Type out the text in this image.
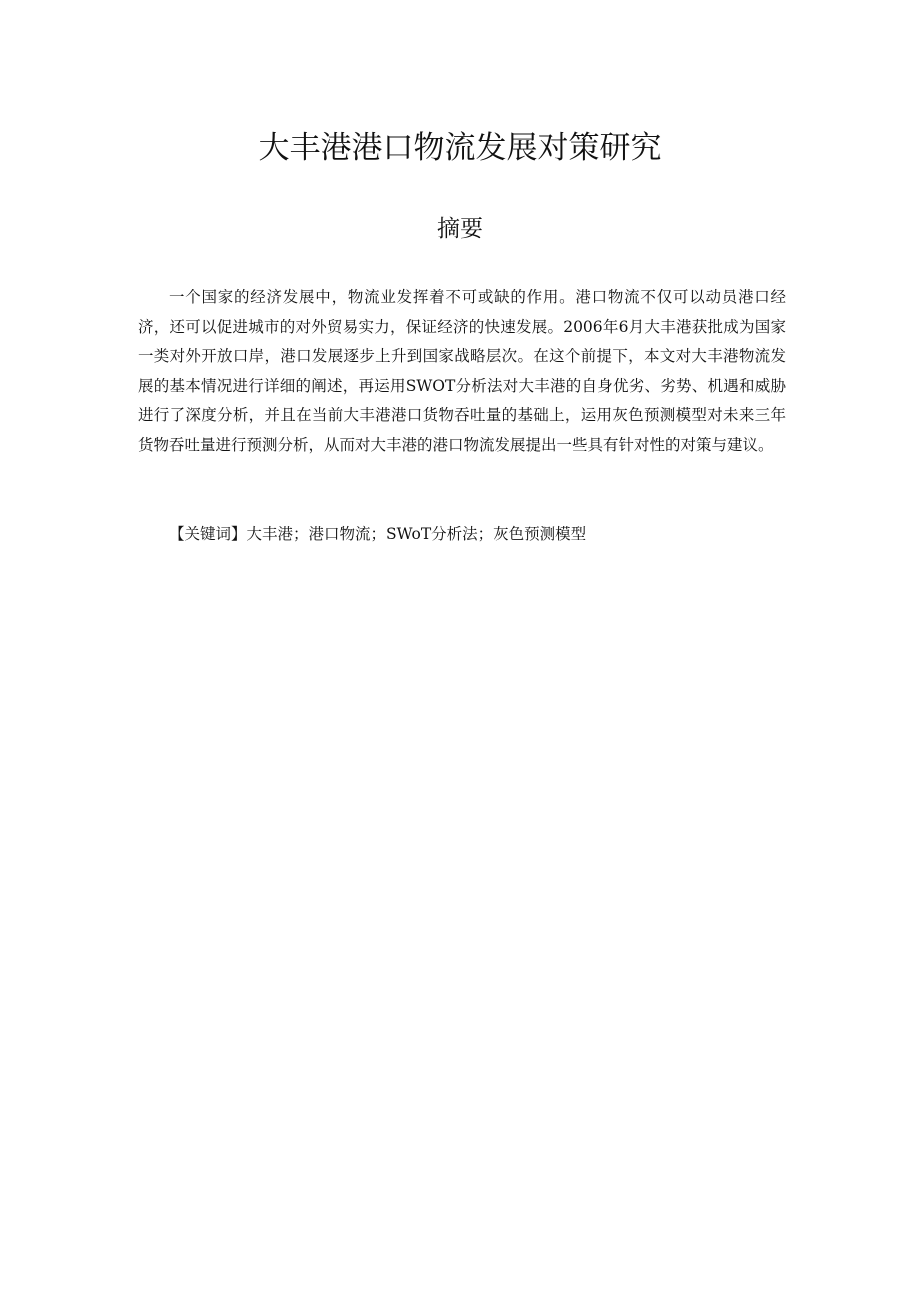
大丰港港口物流发展对策研究
摘要

一个国家的经济发展中，物流业发挥着不可或缺的作用。港口物流不仅可以动员港口经济，还可以促进城市的对外贸易实力，保证经济的快速发展。2006年6月大丰港获批成为国家一类对外开放口岸，港口发展逐步上升到国家战略层次。在这个前提下，本文对大丰港物流发展的基本情况进行详细的阐述，再运用SWOT分析法对大丰港的自身优劣、劣势、机遇和威胁进行了深度分析，并且在当前大丰港港口货物吞吐量的基础上，运用灰色预测模型对未来三年货物吞吐量进行预测分析，从而对大丰港的港口物流发展提出一些具有针对性的对策与建议。

【关键词】大丰港；港口物流；SWoT分析法；灰色预测模型
